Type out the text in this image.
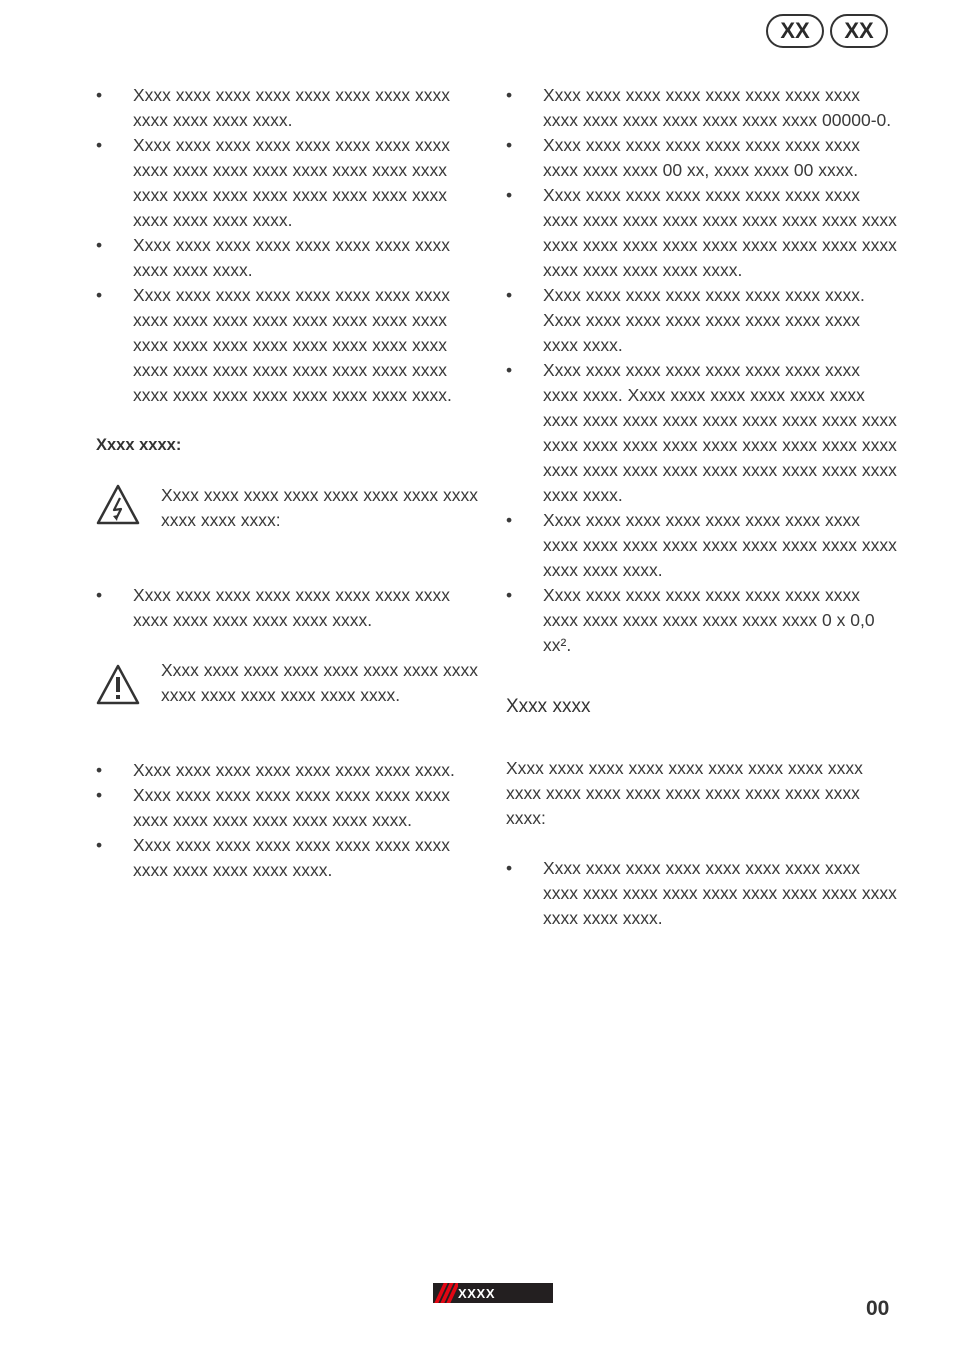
XX	XX
•	Xxxx xxxx xxxx xxxx xxxx xxxx xxxx xxxx xxxx xxxx xxxx xxxx.

•	Xxxx xxxx xxxx xxxx xxxx xxxx xxxx xxxx xxxx xxxx xxxx xxxx xxxx xxxx xxxx xxxx xxxx xxxx xxxx xxxx xxxx xxxx xxxx xxxx xxxx xxxx xxxx xxxx.

•	Xxxx xxxx xxxx xxxx xxxx xxxx xxxx xxxx xxxx xxxx xxxx.

•	Xxxx xxxx xxxx xxxx xxxx xxxx xxxx xxxx xxxx xxxx xxxx xxxx xxxx xxxx xxxx xxxx xxxx xxxx xxxx xxxx xxxx xxxx xxxx xxxx xxxx xxxx xxxx xxxx xxxx xxxx xxxx xxxx xxxx xxxx xxxx xxxx xxxx xxxx xxxx xxxx.

Xxxx xxxx:

Xxxx xxxx xxxx xxxx xxxx xxxx xxxx xxxx xxxx xxxx xxxx:

•	Xxxx xxxx xxxx xxxx xxxx xxxx xxxx xxxx xxxx xxxx xxxx xxxx xxxx xxxx.

Xxxx xxxx xxxx xxxx xxxx xxxx xxxx xxxx xxxx xxxx xxxx xxxx xxxx xxxx.

•	Xxxx xxxx xxxx xxxx xxxx xxxx xxxx xxxx.

•	Xxxx xxxx xxxx xxxx xxxx xxxx xxxx xxxx xxxx xxxx xxxx xxxx xxxx xxxx xxxx.

•	Xxxx xxxx xxxx xxxx xxxx xxxx xxxx xxxx xxxx xxxx xxxx xxxx xxxx.

•	Xxxx xxxx xxxx xxxx xxxx xxxx xxxx xxxx xxxx xxxx xxxx xxxx xxxx xxxx xxxx 00000-0.

•	Xxxx xxxx xxxx xxxx xxxx xxxx xxxx xxxx xxxx xxxx xxxx 00 xx, xxxx xxxx 00 xxxx.

•	Xxxx xxxx xxxx xxxx xxxx xxxx xxxx xxxx xxxx xxxx xxxx xxxx xxxx xxxx xxxx xxxx xxxx xxxx xxxx xxxx xxxx xxxx xxxx xxxx xxxx xxxx xxxx xxxx xxxx xxxx xxxx.

•	Xxxx xxxx xxxx xxxx xxxx xxxx xxxx xxxx. Xxxx xxxx xxxx xxxx xxxx xxxx xxxx xxxx xxxx xxxx.

•	Xxxx xxxx xxxx xxxx xxxx xxxx xxxx xxxx xxxx xxxx. Xxxx xxxx xxxx xxxx xxxx xxxx xxxx xxxx xxxx xxxx xxxx xxxx xxxx xxxx xxxx xxxx xxxx xxxx xxxx xxxx xxxx xxxx xxxx xxxx xxxx xxxx xxxx xxxx xxxx xxxx xxxx xxxx xxxx xxxx xxxx.

•	Xxxx xxxx xxxx xxxx xxxx xxxx xxxx xxxx xxxx xxxx xxxx xxxx xxxx xxxx xxxx xxxx xxxx xxxx xxxx xxxx.

•	Xxxx xxxx xxxx xxxx xxxx xxxx xxxx xxxx xxxx xxxx xxxx xxxx xxxx xxxx xxxx 0 x 0,0 xx².

Xxxx xxxx

Xxxx xxxx xxxx xxxx xxxx xxxx xxxx xxxx xxxx xxxx xxxx xxxx xxxx xxxx xxxx xxxx xxxx xxxx xxxx:

•	Xxxx xxxx xxxx xxxx xxxx xxxx xxxx xxxx xxxx xxxx xxxx xxxx xxxx xxxx xxxx xxxx xxxx xxxx xxxx xxxx.

XXXX
00
